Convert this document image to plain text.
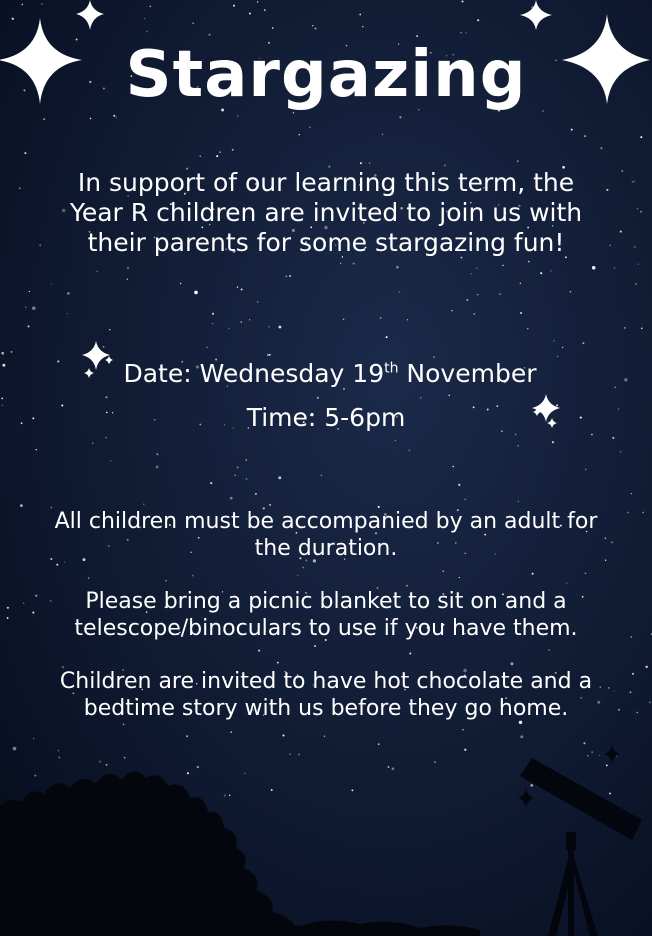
Stargazing
In support of our learning this term, the Year R children are invited to join us with their parents for some stargazing fun!
Date: Wednesday 19th November
Time: 5-6pm

All children must be accompanied by an adult for the duration.

Please bring a picnic blanket to sit on and a telescope/binoculars to use if you have them.

Children are invited to have hot chocolate and a bedtime story with us before they go home.
